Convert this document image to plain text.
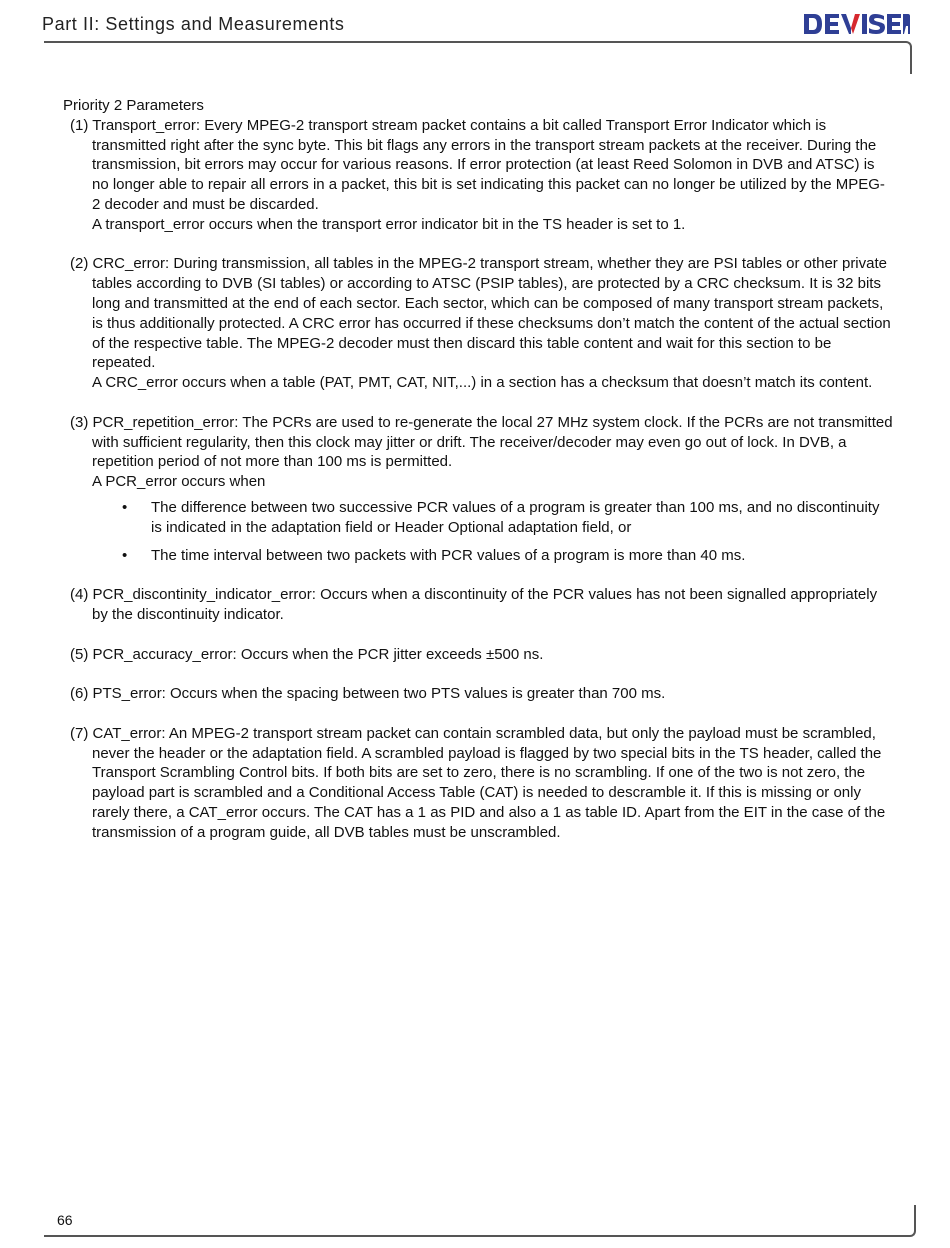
Part II: Settings and Measurements
Priority 2 Parameters

(1) Transport_error: Every MPEG-2 transport stream packet contains a bit called Transport Error Indicator which is transmitted right after the sync byte. This bit flags any errors in the transport stream packets at the receiver. During the transmission, bit errors may occur for various reasons. If error protection (at least Reed Solomon in DVB and ATSC) is no longer able to repair all errors in a packet, this bit is set indicating this packet can no longer be utilized by the MPEG-2 decoder and must be discarded.

A transport_error occurs when the transport error indicator bit in the TS header is set to 1.

(2) CRC_error: During transmission, all tables in the MPEG-2 transport stream, whether they are PSI tables or other private tables according to DVB (SI tables) or according to ATSC (PSIP tables), are protected by a CRC checksum. It is 32 bits long and transmitted at the end of each sector. Each sector, which can be composed of many transport stream packets, is thus additionally protected. A CRC error has occurred if these checksums don’t match the content of the actual section of the respective table. The MPEG-2 decoder must then discard this table content and wait for this section to be repeated.

A CRC_error occurs when a table (PAT, PMT, CAT, NIT,...) in a section has a checksum that doesn’t match its content.

(3) PCR_repetition_error: The PCRs are used to re-generate the local 27 MHz system clock. If the PCRs are not transmitted with sufficient regularity, then this clock may jitter or drift. The receiver/decoder may even go out of lock. In DVB, a repetition period of not more than 100 ms is permitted.

A PCR_error occurs when

• The difference between two successive PCR values of a program is greater than 100 ms, and no discontinuity is indicated in the adaptation field or Header Optional adaptation field, or
• The time interval between two packets with PCR values of a program is more than 40 ms.

(4) PCR_discontinity_indicator_error: Occurs when a discontinuity of the PCR values has not been signalled appropriately by the discontinuity indicator.

(5) PCR_accuracy_error: Occurs when the PCR jitter exceeds ±500 ns.

(6) PTS_error: Occurs when the spacing between two PTS values is greater than 700 ms.

(7) CAT_error: An MPEG-2 transport stream packet can contain scrambled data, but only the payload must be scrambled, never the header or the adaptation field. A scrambled payload is flagged by two special bits in the TS header, called the Transport Scrambling Control bits. If both bits are set to zero, there is no scrambling. If one of the two is not zero, the payload part is scrambled and a Conditional Access Table (CAT) is needed to descramble it. If this is missing or only rarely there, a CAT_error occurs. The CAT has a 1 as PID and also a 1 as table ID. Apart from the EIT in the case of the transmission of a program guide, all DVB tables must be unscrambled.

66
